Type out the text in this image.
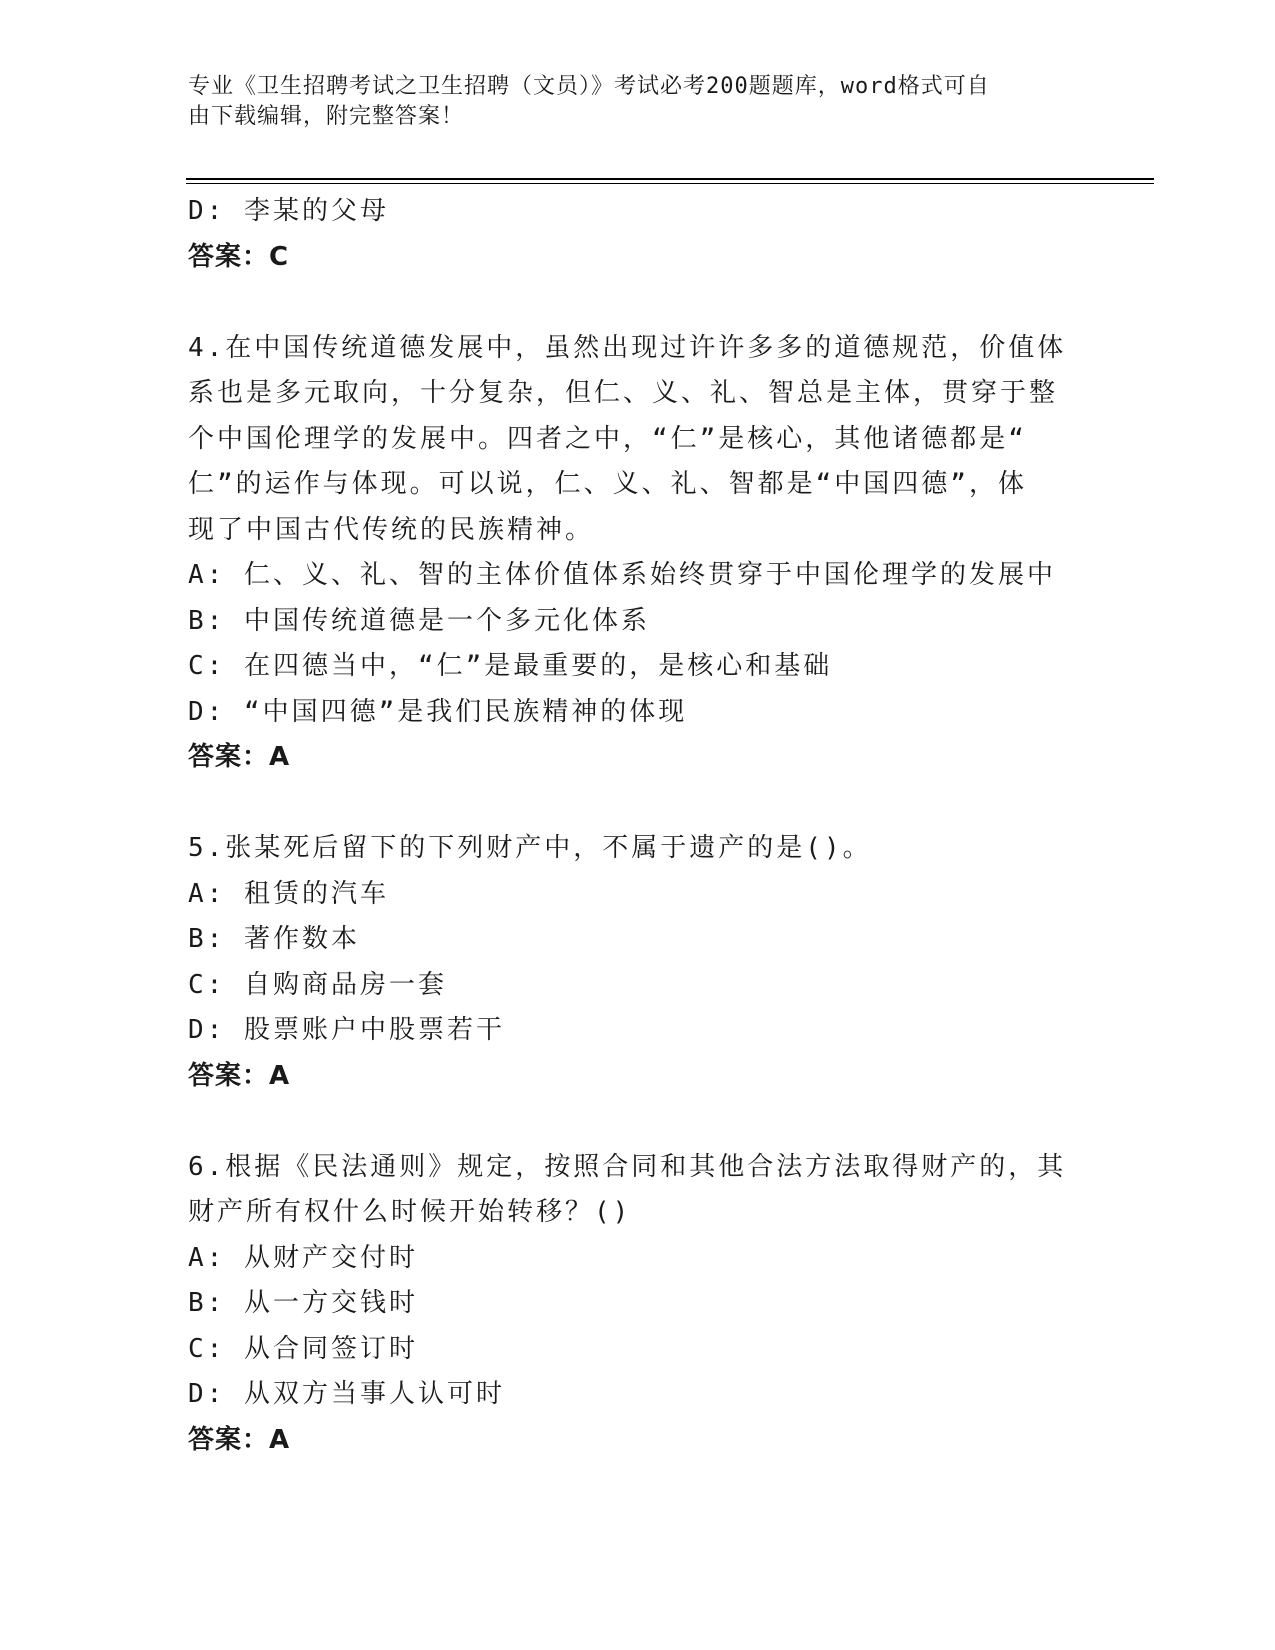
专业《卫生招聘考试之卫生招聘（文员）》考试必考200题题库，word格式可自
由下载编辑，附完整答案！
D: 李某的父母
答案：C
4.在中国传统道德发展中，虽然出现过许许多多的道德规范，价值体
系也是多元取向，十分复杂，但仁、义、礼、智总是主体，贯穿于整
个中国伦理学的发展中。四者之中，“仁”是核心，其他诸德都是“
仁”的运作与体现。可以说，仁、义、礼、智都是“中国四德”，体
现了中国古代传统的民族精神。
A: 仁、义、礼、智的主体价值体系始终贯穿于中国伦理学的发展中
B: 中国传统道德是一个多元化体系
C: 在四德当中，“仁”是最重要的，是核心和基础
D: “中国四德”是我们民族精神的体现
答案：A
5.张某死后留下的下列财产中，不属于遗产的是()。
A: 租赁的汽车
B: 著作数本
C: 自购商品房一套
D: 股票账户中股票若干
答案：A
6.根据《民法通则》规定，按照合同和其他合法方法取得财产的，其
财产所有权什么时候开始转移？()
A: 从财产交付时
B: 从一方交钱时
C: 从合同签订时
D: 从双方当事人认可时
答案：A
